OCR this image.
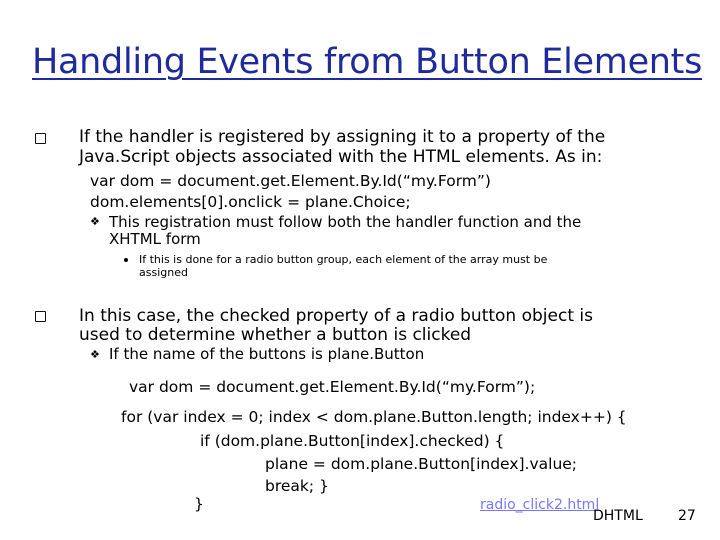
Handling Events from Button Elements
If the handler is registered by assigning it to a property of the
Java.Script objects associated with the HTML elements. As in:
var dom = document.get.Element.By.Id(“my.Form”)
dom.elements[0].onclick = plane.Choice;
❖ This registration must follow both the handler function and the
XHTML form
If this is done for a radio button group, each element of the array must be
assigned
In this case, the checked property of a radio button object is
used to determine whether a button is clicked
❖ If the name of the buttons is plane.Button
var dom = document.get.Element.By.Id(“my.Form”);
for (var index = 0; index < dom.plane.Button.length; index++) {
if (dom.plane.Button[index].checked) {
plane = dom.plane.Button[index].value;
break; }
}	radio_click2.html
DHTML	27
